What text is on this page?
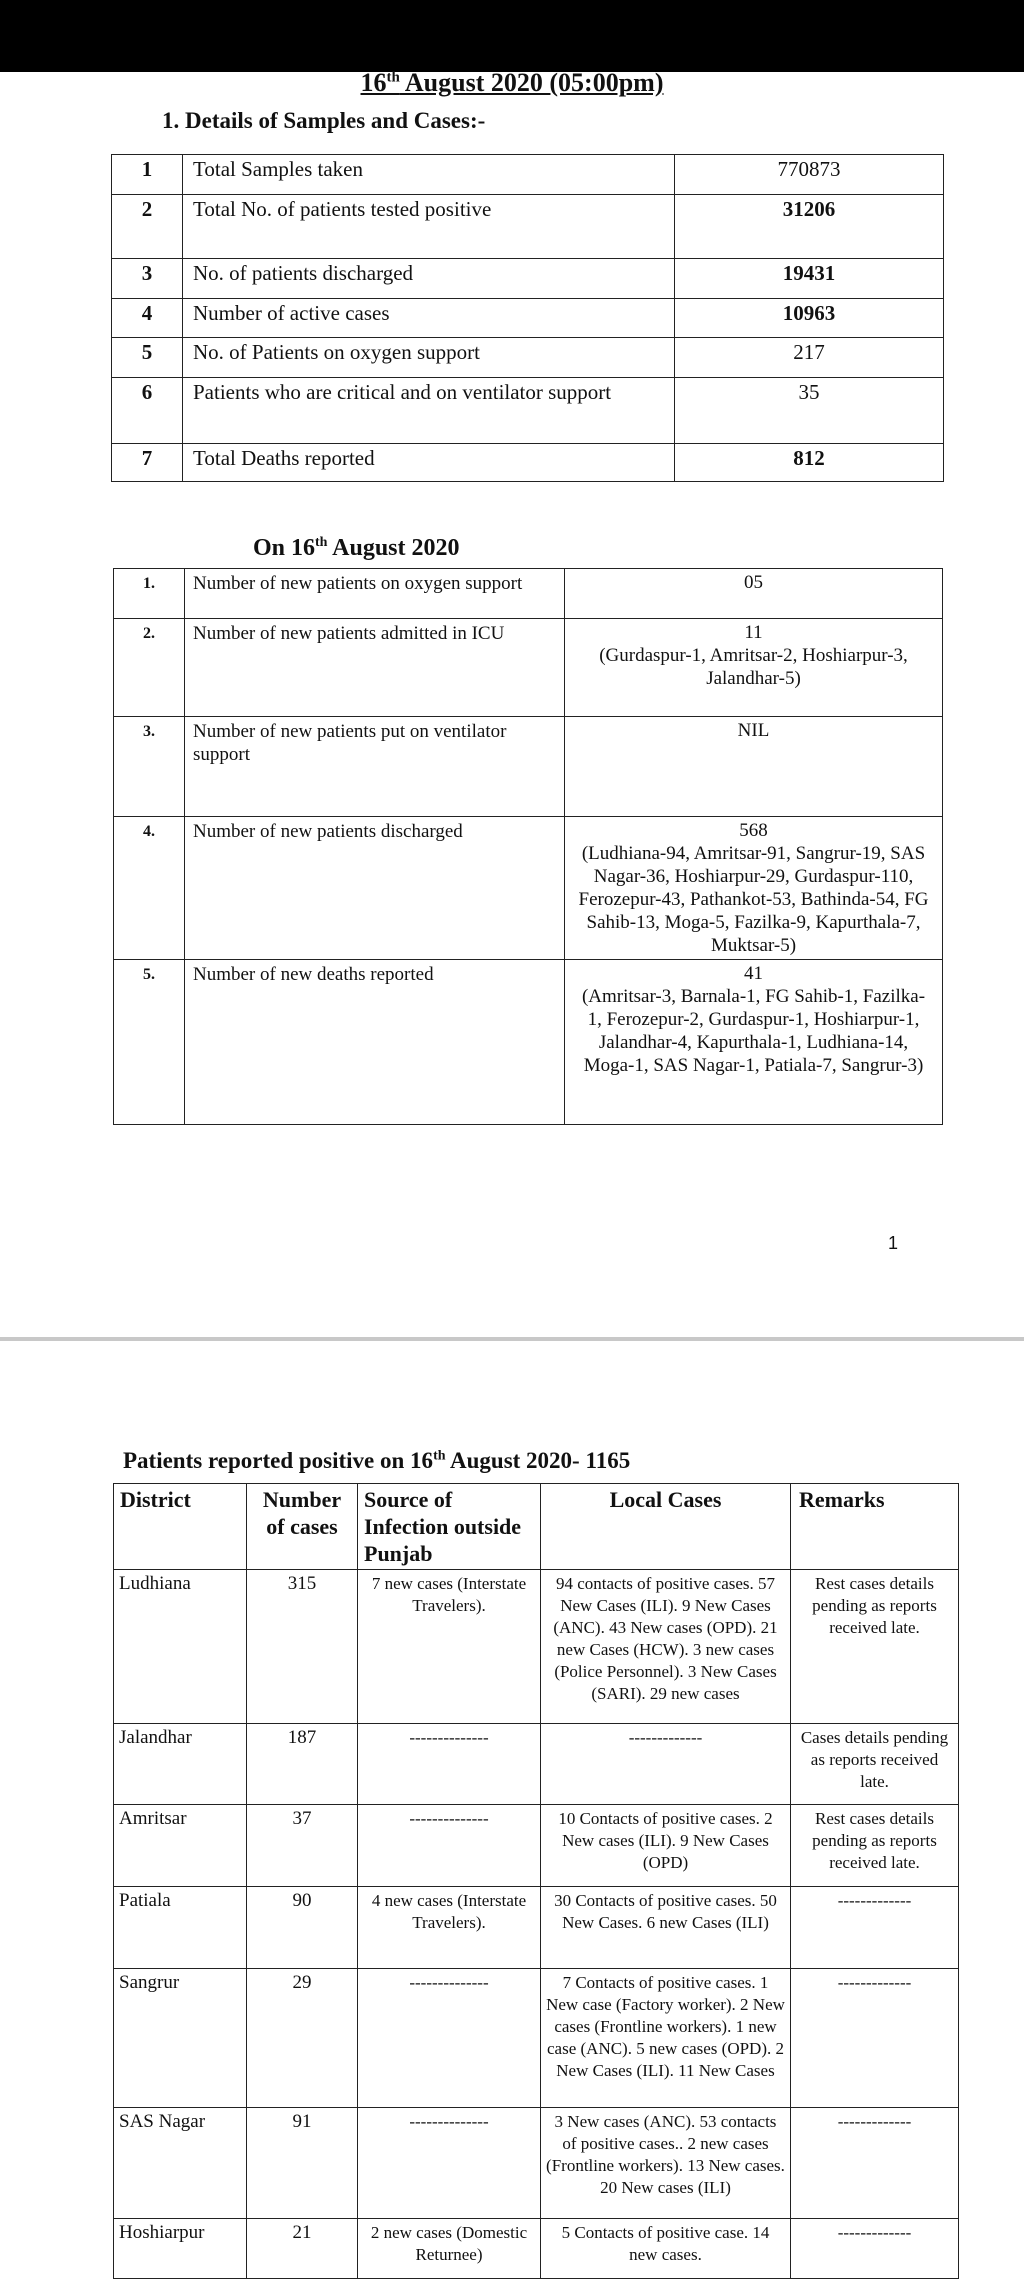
16th August 2020 (05:00pm)
1. Details of Samples and Cases:-
1	Total Samples taken	770873
2	Total No. of patients tested positive	31206
3	No. of patients discharged	19431
4	Number of active cases	10963
5	No. of Patients on oxygen support	217
6	Patients who are critical and on ventilator support	35
7	Total Deaths reported	812
On 16th August 2020
1.	Number of new patients on oxygen support	05

2.	Number of new patients admitted in ICU	11
(Gurdaspur-1, Amritsar-2, Hoshiarpur-3, Jalandhar-5)

3.	Number of new patients put on ventilator support	NIL

4.	Number of new patients discharged	568
(Ludhiana-94, Amritsar-91, Sangrur-19, SAS Nagar-36, Hoshiarpur-29, Gurdaspur-110, Ferozepur-43, Pathankot-53, Bathinda-54, FG Sahib-13, Moga-5, Fazilka-9, Kapurthala-7, Muktsar-5)

5.	Number of new deaths reported	41
(Amritsar-3, Barnala-1, FG Sahib-1, Fazilka-1, Ferozepur-2, Gurdaspur-1, Hoshiarpur-1, Jalandhar-4, Kapurthala-1, Ludhiana-14, Moga-1, SAS Nagar-1, Patiala-7, Sangrur-3)
1
Patients reported positive on 16th August 2020- 1165
District	Number of cases	Source of Infection outside Punjab	Local Cases	Remarks
Ludhiana	315	7 new cases (Interstate Travelers).	94 contacts of positive cases. 57 New Cases (ILI). 9 New Cases (ANC). 43 New cases (OPD). 21 new Cases (HCW). 3 new cases (Police Personnel). 3 New Cases (SARI). 29 new cases	Rest cases details pending as reports received late.
Jalandhar	187	--------------	-------------	Cases details pending as reports received late.
Amritsar	37	--------------	10 Contacts of positive cases. 2 New cases (ILI). 9 New Cases (OPD)	Rest cases details pending as reports received late.
Patiala	90	4 new cases (Interstate Travelers).	30 Contacts of positive cases. 50 New Cases. 6 new Cases (ILI)	-------------
Sangrur	29	--------------	7 Contacts of positive cases. 1 New case (Factory worker). 2 New cases (Frontline workers). 1 new case (ANC). 5 new cases (OPD). 2 New Cases (ILI). 11 New Cases	-------------
SAS Nagar	91	--------------	3 New cases (ANC). 53 contacts of positive cases.. 2 new cases (Frontline workers). 13 New cases. 20 New cases (ILI)	-------------
Hoshiarpur	21	2 new cases (Domestic Returnee)	5 Contacts of positive case. 14 new cases.	-------------
